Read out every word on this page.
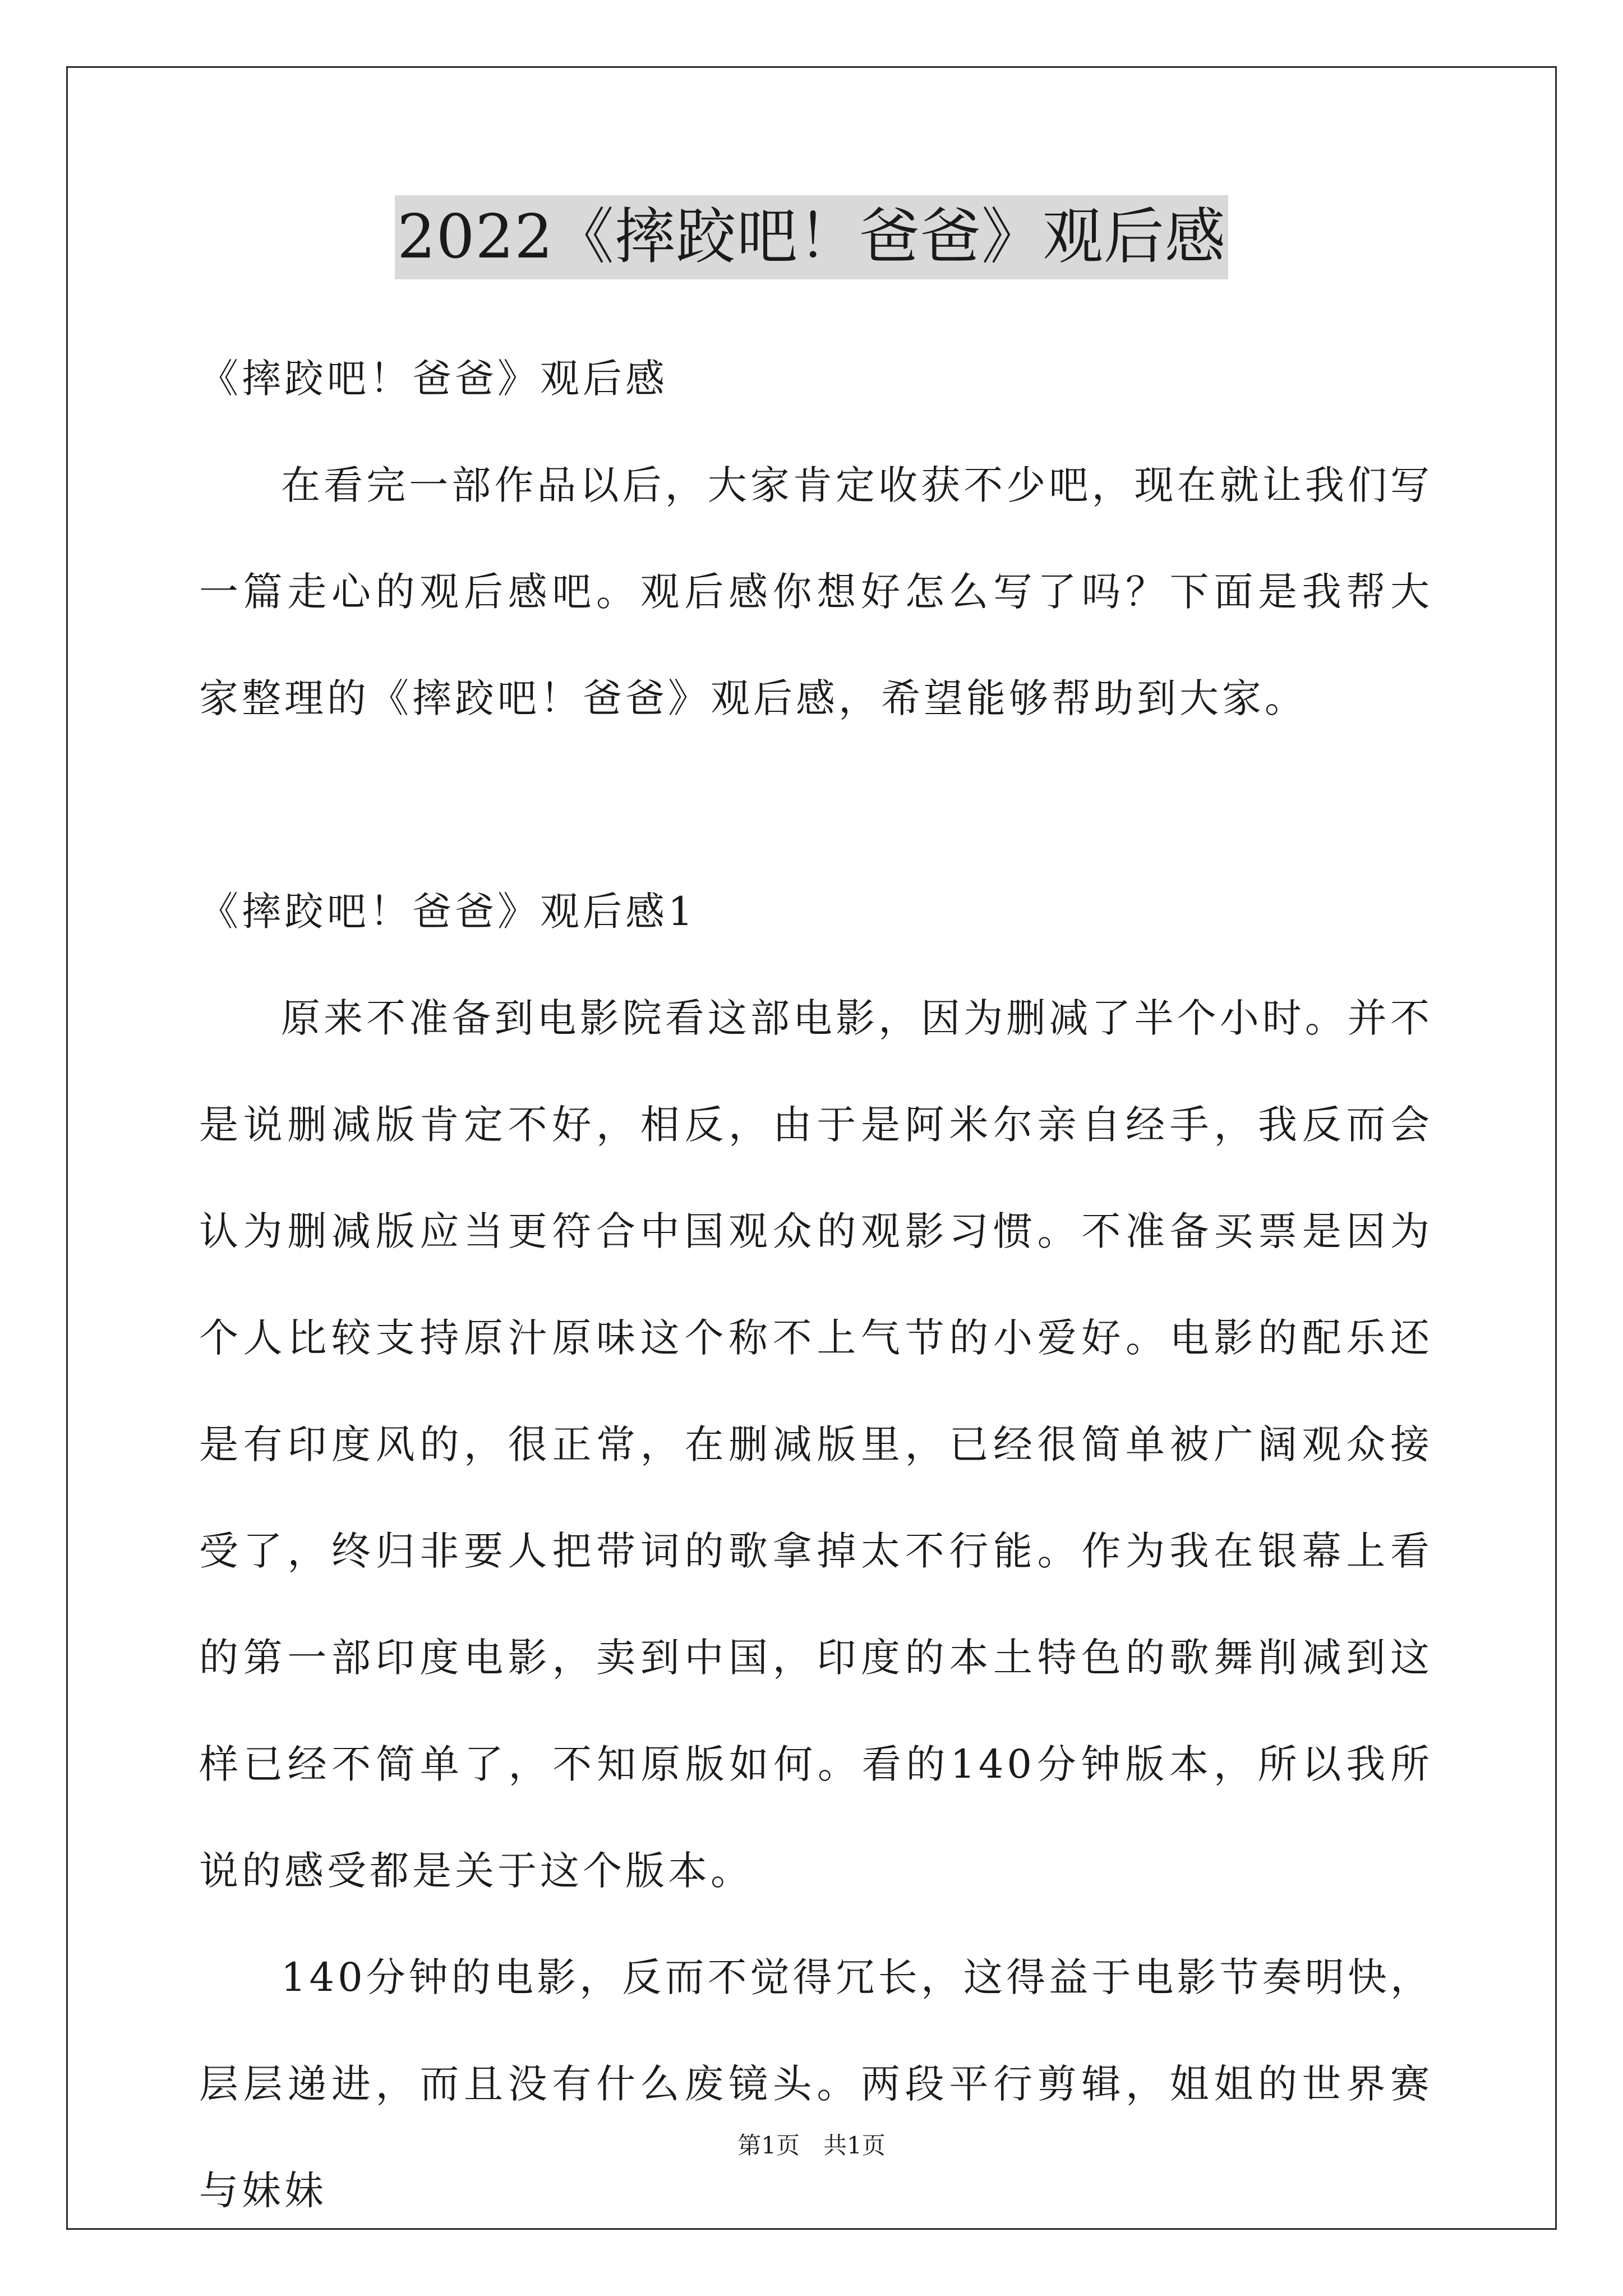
2022《摔跤吧！爸爸》观后感

《摔跤吧！爸爸》观后感

在看完一部作品以后，大家肯定收获不少吧，现在就让我们写一篇走心的观后感吧。观后感你想好怎么写了吗？下面是我帮大家整理的《摔跤吧！爸爸》观后感，希望能够帮助到大家。

《摔跤吧！爸爸》观后感1

原来不准备到电影院看这部电影，因为删减了半个小时。并不是说删减版肯定不好，相反，由于是阿米尔亲自经手，我反而会认为删减版应当更符合中国观众的观影习惯。不准备买票是因为个人比较支持原汁原味这个称不上气节的小爱好。电影的配乐还是有印度风的，很正常，在删减版里，已经很简单被广阔观众接受了，终归非要人把带词的歌拿掉太不行能。作为我在银幕上看的第一部印度电影，卖到中国，印度的本土特色的歌舞削减到这样已经不简单了，不知原版如何。看的140分钟版本，所以我所说的感受都是关于这个版本。

140分钟的电影，反而不觉得冗长，这得益于电影节奏明快，层层递进，而且没有什么废镜头。两段平行剪辑，姐姐的世界赛与妹妹

第1页　共1页
